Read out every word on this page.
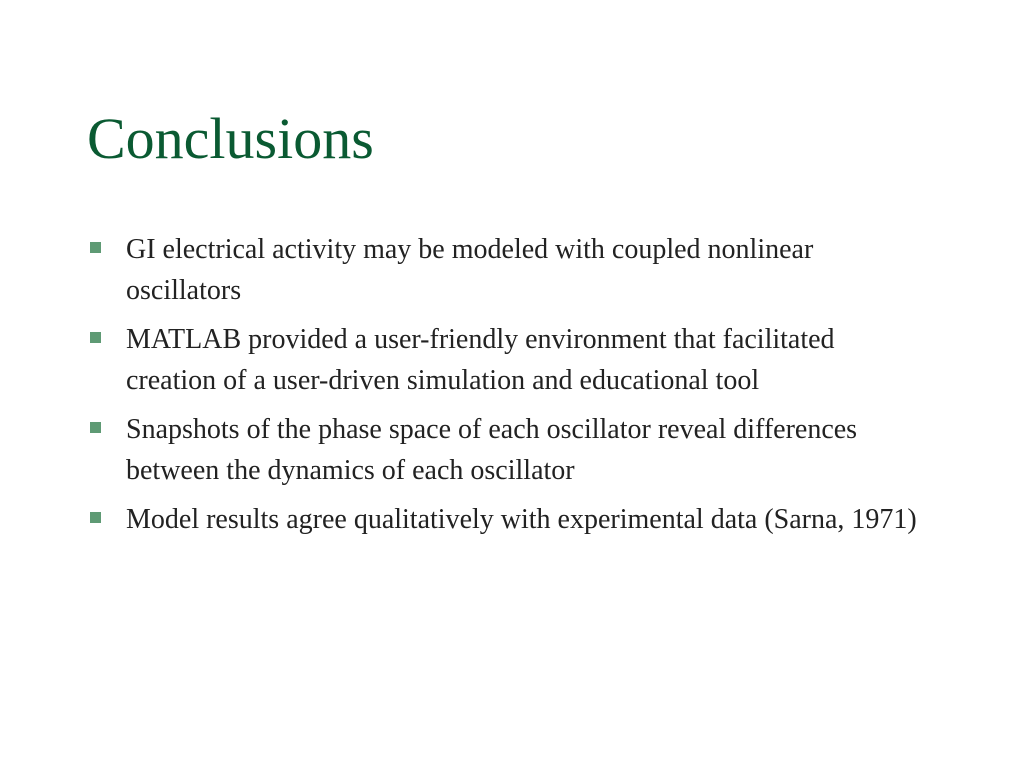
Conclusions
GI electrical activity may be modeled with coupled nonlinear oscillators
MATLAB provided a user-friendly environment that facilitated creation of a user-driven simulation and educational tool
Snapshots of the phase space of each oscillator reveal differences between the dynamics of each oscillator
Model results agree qualitatively with experimental data (Sarna, 1971)
